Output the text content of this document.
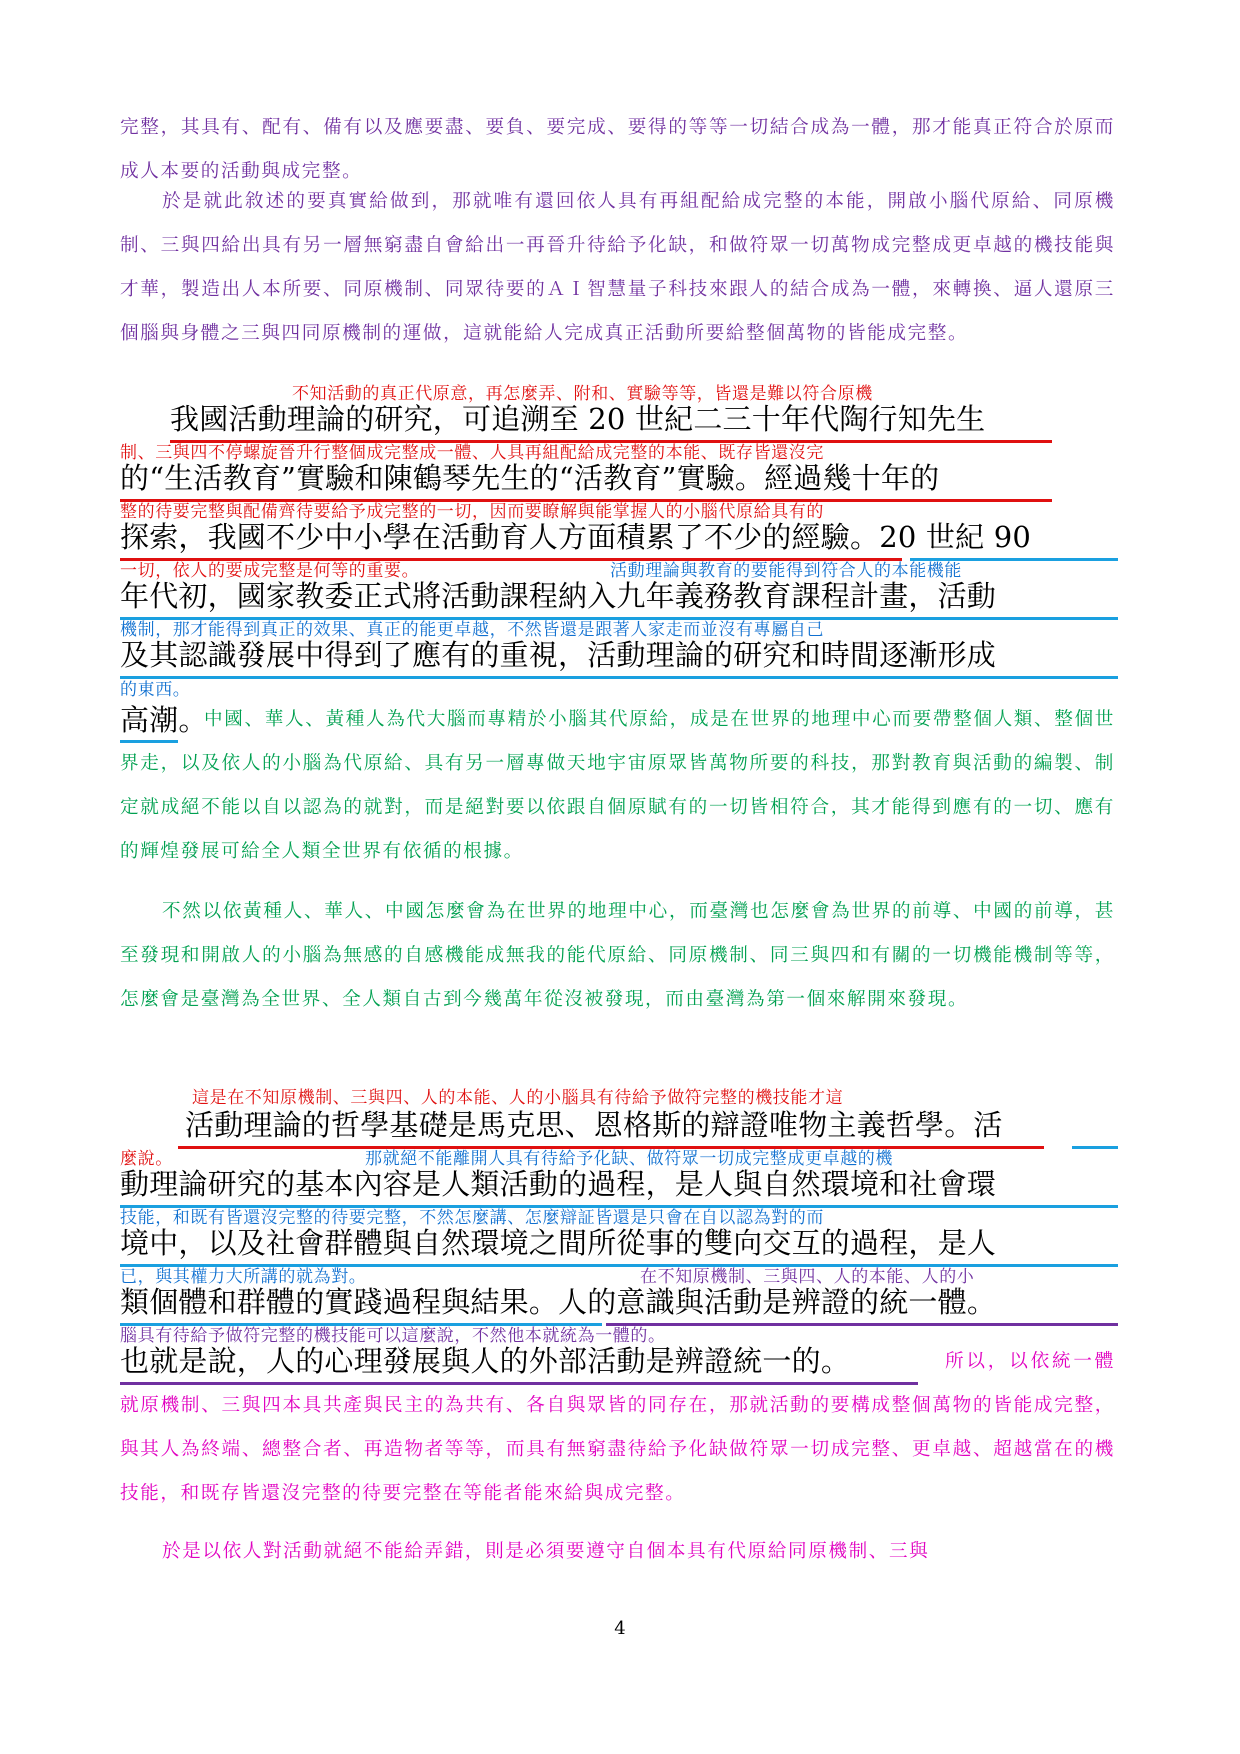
完整，其具有、配有、備有以及應要盡、要負、要完成、要得的等等一切結合成為一體，那才能真正符合於原而成人本要的活動與成完整。

於是就此敘述的要真實給做到，那就唯有還回依人具有再組配給成完整的本能，開啟小腦代原給、同原機制、三與四給出具有另一層無窮盡自會給出一再晉升待給予化缺，和做符眾一切萬物成完整成更卓越的機技能與才華，製造出人本所要、同原機制、同眾待要的ＡＩ智慧量子科技來跟人的結合成為一體，來轉換、逼人還原三個腦與身體之三與四同原機制的運做，這就能給人完成真正活動所要給整個萬物的皆能成完整。

不知活動的真正代原意，再怎麼弄、附和、實驗等等，皆還是難以符合原機
我國活動理論的研究，可追溯至 20 世紀二三十年代陶行知先生
制、三與四不停螺旋晉升行整個成完整成一體、人具再組配給成完整的本能、既存皆還沒完
的“生活教育”實驗和陳鶴琴先生的“活教育”實驗。經過幾十年的
整的待要完整與配備齊待要給予成完整的一切，因而要瞭解與能掌握人的小腦代原給具有的
探索，我國不少中小學在活動育人方面積累了不少的經驗。20 世紀 90
一切，依人的要成完整是何等的重要。	活動理論與教育的要能得到符合人的本能機能
年代初，國家教委正式將活動課程納入九年義務教育課程計畫，活動
機制，那才能得到真正的效果、真正的能更卓越，不然皆還是跟著人家走而並沒有專屬自己
及其認識發展中得到了應有的重視，活動理論的研究和時間逐漸形成
的東西。
高潮。

中國、華人、黃種人為代大腦而專精於小腦其代原給，成是在世界的地理中心而要帶整個人類、整個世界走，以及依人的小腦為代原給、具有另一層專做天地宇宙原眾皆萬物所要的科技，那對教育與活動的編製、制定就成絕不能以自以認為的就對，而是絕對要以依跟自個原賦有的一切皆相符合，其才能得到應有的一切、應有的輝煌發展可給全人類全世界有依循的根據。

不然以依黃種人、華人、中國怎麼會為在世界的地理中心，而臺灣也怎麼會為世界的前導、中國的前導，甚至發現和開啟人的小腦為無感的自感機能成無我的能代原給、同原機制、同三與四和有關的一切機能機制等等，怎麼會是臺灣為全世界、全人類自古到今幾萬年從沒被發現，而由臺灣為第一個來解開來發現。

這是在不知原機制、三與四、人的本能、人的小腦具有待給予做符完整的機技能才這
活動理論的哲學基礎是馬克思、恩格斯的辯證唯物主義哲學。活
麼說。	那就絕不能離開人具有待給予化缺、做符眾一切成完整成更卓越的機
動理論研究的基本內容是人類活動的過程，是人與自然環境和社會環
技能，和既有皆還沒完整的待要完整，不然怎麼講、怎麼辯証皆還是只會在自以認為對的而
境中，以及社會群體與自然環境之間所從事的雙向交互的過程，是人
已，與其權力大所講的就為對。	在不知原機制、三與四、人的本能、人的小
類個體和群體的實踐過程與結果。人的意識與活動是辨證的統一體。
腦具有待給予做符完整的機技能可以這麼說，不然他本就統為一體的。
也就是說，人的心理發展與人的外部活動是辨證統一的。	所以，以依統一體就原機制、三與四本具共產與民主的為共有、各自與眾皆的同存在，那就活動的要構成整個萬物的皆能成完整，與其人為終端、總整合者、再造物者等等，而具有無窮盡待給予化缺做符眾一切成完整、更卓越、超越當在的機技能，和既存皆還沒完整的待要完整在等能者能來給與成完整。

於是以依人對活動就絕不能給弄錯，則是必須要遵守自個本具有代原給同原機制、三與

4
